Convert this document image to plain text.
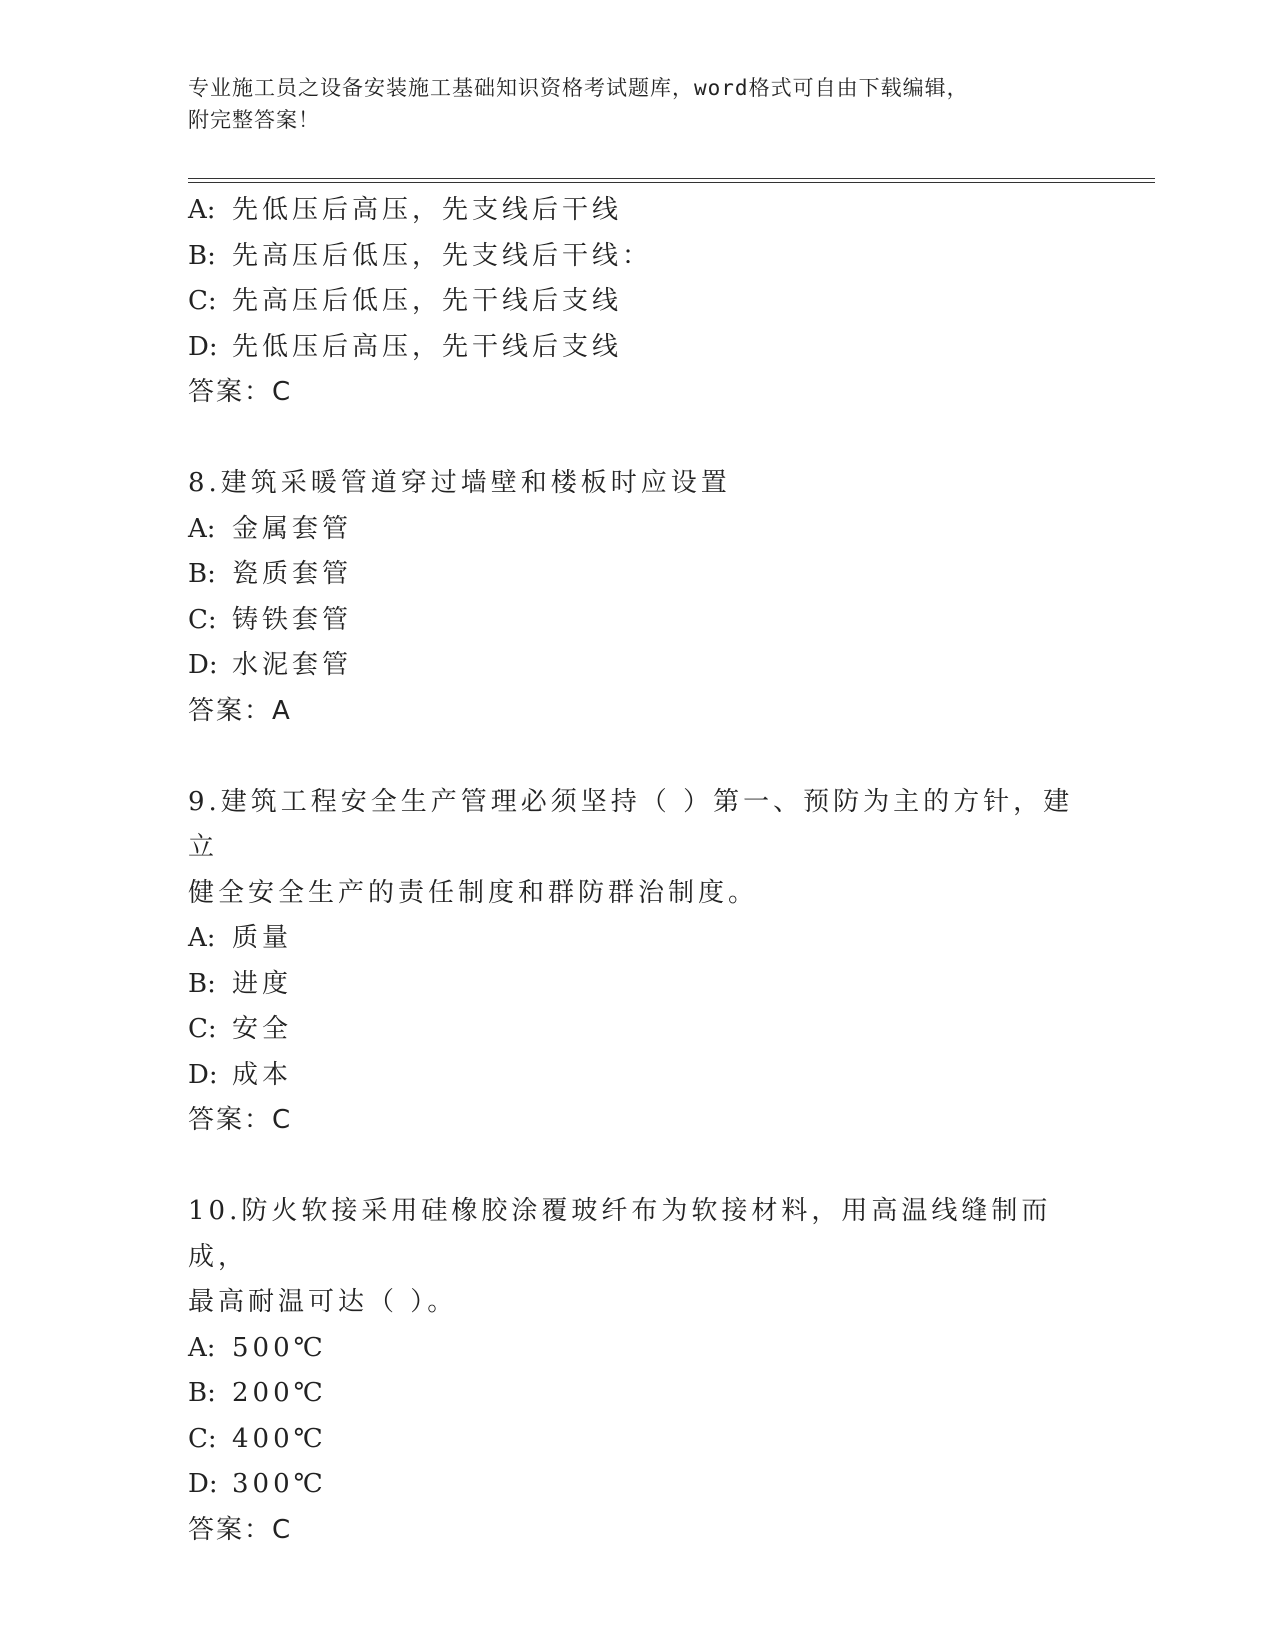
专业施工员之设备安装施工基础知识资格考试题库，word格式可自由下载编辑，
附完整答案！
A: 先低压后高压，先支线后干线
B: 先高压后低压，先支线后干线：
C: 先高压后低压，先干线后支线
D: 先低压后高压，先干线后支线
答案：C
8.建筑采暖管道穿过墙壁和楼板时应设置
A: 金属套管
B: 瓷质套管
C: 铸铁套管
D: 水泥套管
答案：A
9.建筑工程安全生产管理必须坚持（ ）第一、预防为主的方针，建立
健全安全生产的责任制度和群防群治制度。
A: 质量
B: 进度
C: 安全
D: 成本
答案：C
10.防火软接采用硅橡胶涂覆玻纤布为软接材料，用高温线缝制而成，
最高耐温可达（ ）。
A: 500℃
B: 200℃
C: 400℃
D: 300℃
答案：C
